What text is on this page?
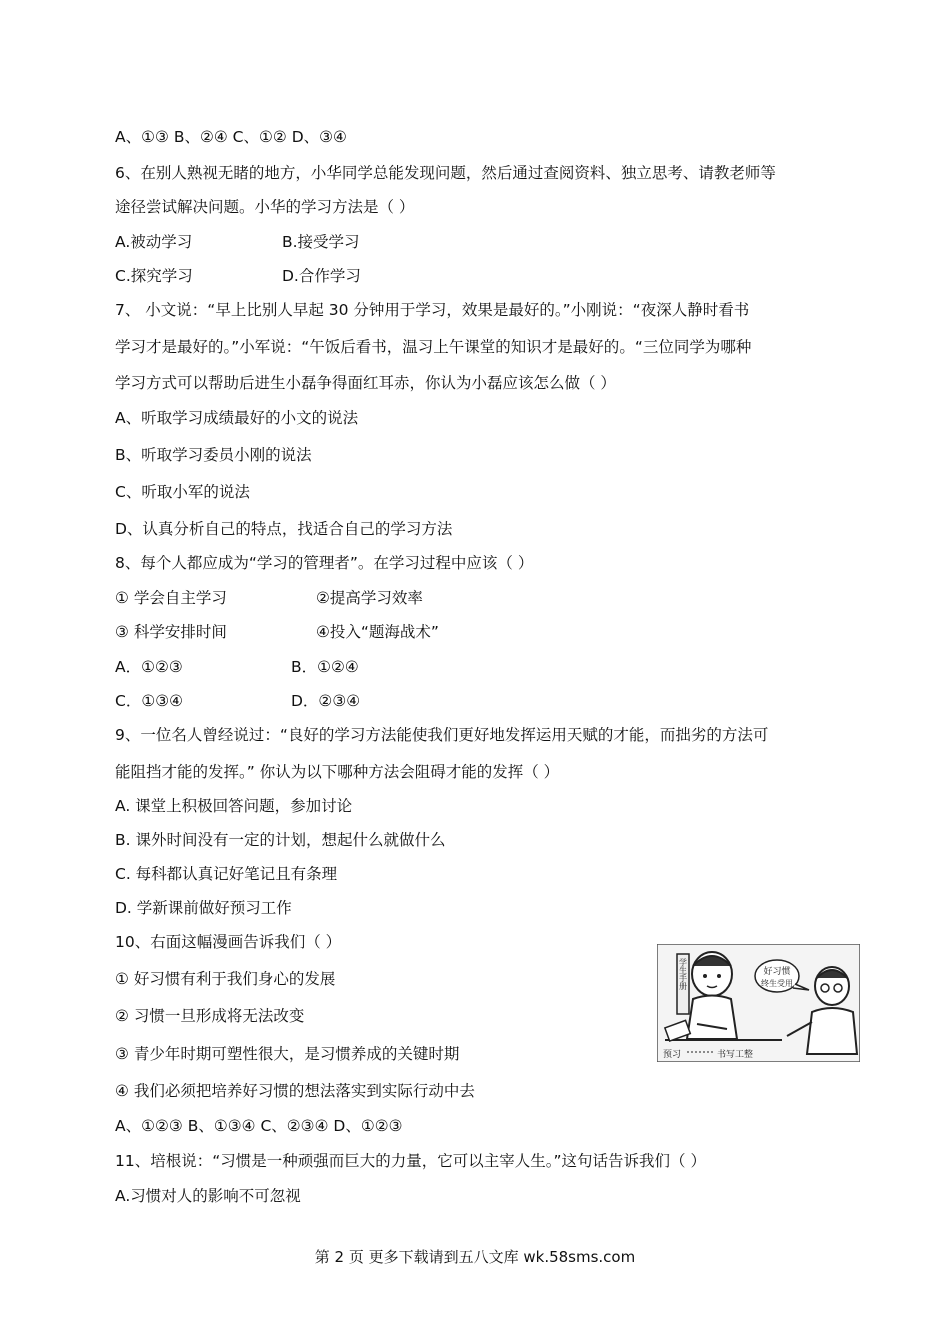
A、①③ B、②④ C、①② D、③④
6、在别人熟视无睹的地方，小华同学总能发现问题，然后通过查阅资料、独立思考、请教老师等
途径尝试解决问题。小华的学习方法是（ ）
A.被动学习	B.接受学习
C.探究学习	D.合作学习
7、 小文说：“早上比别人早起 30 分钟用于学习，效果是最好的。”小刚说：“夜深人静时看书
学习才是最好的。”小军说：“午饭后看书，温习上午课堂的知识才是最好的。“三位同学为哪种
学习方式可以帮助后进生小磊争得面红耳赤，你认为小磊应该怎么做（ ）
A、听取学习成绩最好的小文的说法
B、听取学习委员小刚的说法
C、听取小军的说法
D、认真分析自己的特点，找适合自己的学习方法
8、每个人都应成为“学习的管理者”。在学习过程中应该（ ）
① 学会自主学习	②提高学习效率
③ 科学安排时间	④投入“题海战术”
A．①②③	B．①②④
C．①③④	D．②③④
9、一位名人曾经说过：“良好的学习方法能使我们更好地发挥运用天赋的才能，而拙劣的方法可
能阻挡才能的发挥。” 你认为以下哪种方法会阻碍才能的发挥（ ）
A. 课堂上积极回答问题，参加讨论
B. 课外时间没有一定的计划，想起什么就做什么
C. 每科都认真记好笔记且有条理
D. 学新课前做好预习工作
10、右面这幅漫画告诉我们（ ）
① 好习惯有利于我们身心的发展
② 习惯一旦形成将无法改变
③ 青少年时期可塑性很大，是习惯养成的关键时期
④ 我们必须把培养好习惯的想法落实到实际行动中去
A、①②③ B、①③④ C、②③④ D、①②③
学生手册	好习惯
终生受用
预习	书写工整
11、培根说：“习惯是一种顽强而巨大的力量，它可以主宰人生。”这句话告诉我们（ ）
A.习惯对人的影响不可忽视
第 2 页 更多下载请到五八文库 wk.58sms.com
